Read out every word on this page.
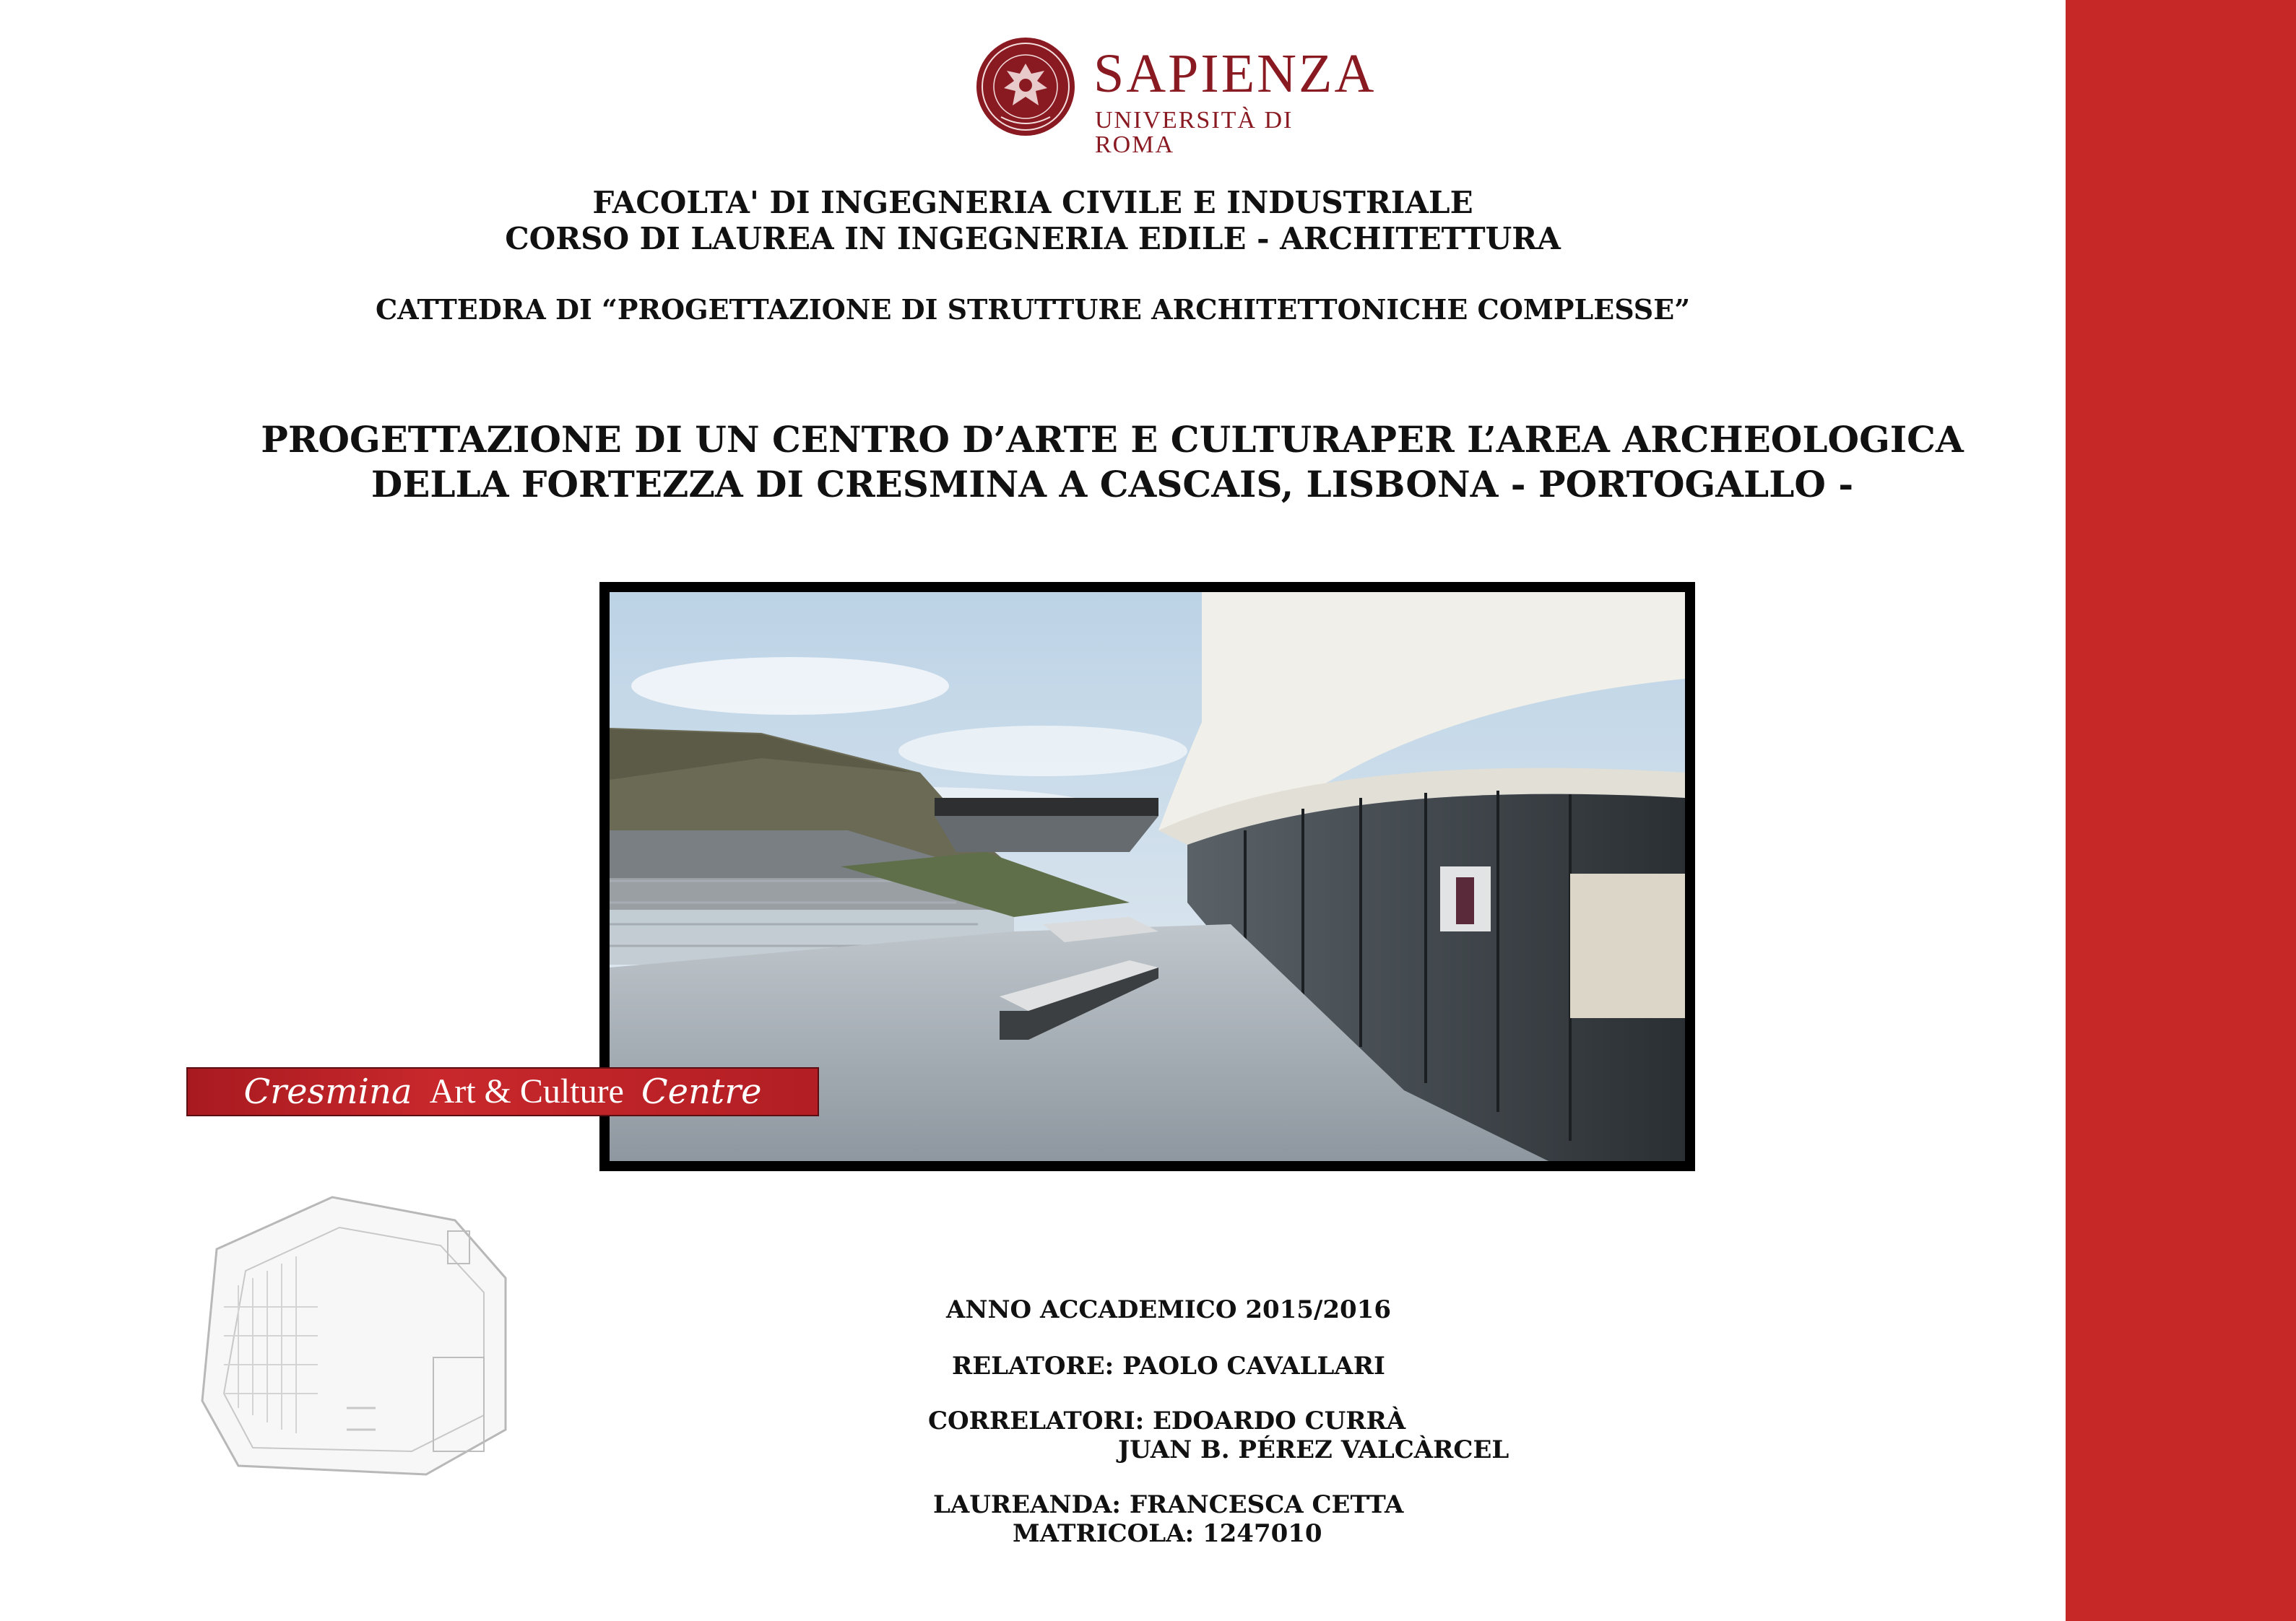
SAPIENZA
UNIVERSITÀ DI ROMA
FACOLTA' DI INGEGNERIA CIVILE E INDUSTRIALE
CORSO DI LAUREA IN INGEGNERIA EDILE - ARCHITETTURA
CATTEDRA DI “PROGETTAZIONE DI STRUTTURE ARCHITETTONICHE COMPLESSE”
PROGETTAZIONE DI UN CENTRO D’ARTE E CULTURAPER L’AREA ARCHEOLOGICA
DELLA FORTEZZA DI CRESMINA A CASCAIS, LISBONA - PORTOGALLO -
Cresmina Art & Culture Centre
ANNO ACCADEMICO 2015/2016
RELATORE: PAOLO CAVALLARI
CORRELATORI: EDOARDO CURRÀ
JUAN B. PÉREZ VALCÀRCEL
LAUREANDA: FRANCESCA CETTA
MATRICOLA: 1247010
